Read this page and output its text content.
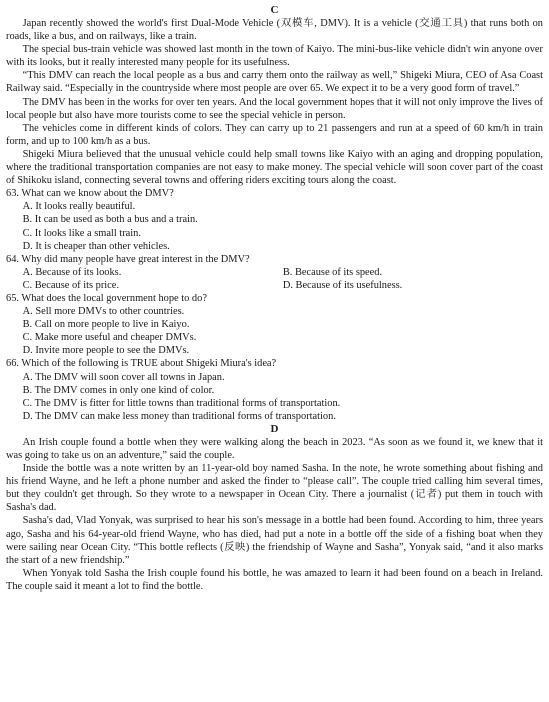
C

Japan recently showed the world's first Dual-Mode Vehicle (双模车, DMV). It is a vehicle (交通工具) that runs both on roads, like a bus, and on railways, like a train.

The special bus-train vehicle was showed last month in the town of Kaiyo. The mini-bus-like vehicle didn't win anyone over with its looks, but it really interested many people for its usefulness.

“This DMV can reach the local people as a bus and carry them onto the railway as well,” Shigeki Miura, CEO of Asa Coast Railway said. “Especially in the countryside where most people are over 65. We expect it to be a very good form of travel.”

The DMV has been in the works for over ten years. And the local government hopes that it will not only improve the lives of local people but also have more tourists come to see the special vehicle in person.

The vehicles come in different kinds of colors. They can carry up to 21 passengers and run at a speed of 60 km/h in train form, and up to 100 km/h as a bus.

Shigeki Miura believed that the unusual vehicle could help small towns like Kaiyo with an aging and dropping population, where the traditional transportation companies are not easy to make money. The special vehicle will soon cover part of the coast of Shikoku island, connecting several towns and offering riders exciting tours along the coast.

63. What can we know about the DMV?

A. It looks really beautiful.

B. It can be used as both a bus and a train.

C. It looks like a small train.

D. It is cheaper than other vehicles.

64. Why did many people have great interest in the DMV?

A. Because of its looks.	B. Because of its speed.
C. Because of its price.	D. Because of its usefulness.

65. What does the local government hope to do?

A. Sell more DMVs to other countries.

B. Call on more people to live in Kaiyo.

C. Make more useful and cheaper DMVs.

D. Invite more people to see the DMVs.

66. Which of the following is TRUE about Shigeki Miura's idea?

A. The DMV will soon cover all towns in Japan.

B. The DMV comes in only one kind of color.

C. The DMV is fitter for little towns than traditional forms of transportation.

D. The DMV can make less money than traditional forms of transportation.

D

An Irish couple found a bottle when they were walking along the beach in 2023. “As soon as we found it, we knew that it was going to take us on an adventure,” said the couple.

Inside the bottle was a note written by an 11-year-old boy named Sasha. In the note, he wrote something about fishing and his friend Wayne, and he left a phone number and asked the finder to “please call”. The couple tried calling him several times, but they couldn't get through. So they wrote to a newspaper in Ocean City. There a journalist (记者) put them in touch with Sasha's dad.

Sasha's dad, Vlad Yonyak, was surprised to hear his son's message in a bottle had been found. According to him, three years ago, Sasha and his 64-year-old friend Wayne, who has died, had put a note in a bottle off the side of a fishing boat when they were sailing near Ocean City. “This bottle reflects (反映) the friendship of Wayne and Sasha”, Yonyak said, “and it also marks the start of a new friendship.”

When Yonyak told Sasha the Irish couple found his bottle, he was amazed to learn it had been found on a beach in Ireland. The couple said it meant a lot to find the bottle.
